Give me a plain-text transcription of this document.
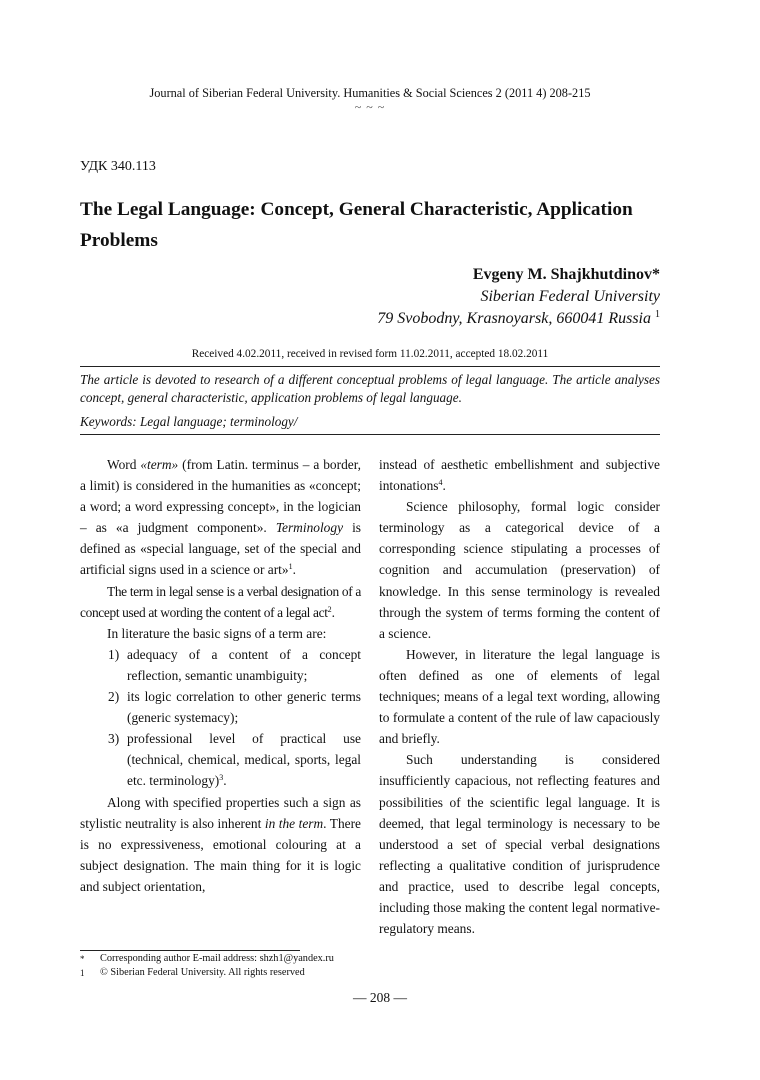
Journal of Siberian Federal University. Humanities & Social Sciences 2 (2011 4) 208-215
~ ~ ~
УДК 340.113
The Legal Language: Concept, General Characteristic, Application Problems
Evgeny M. Shajkhutdinov*
Siberian Federal University
79 Svobodny, Krasnoyarsk, 660041 Russia $^1$
Received 4.02.2011, received in revised form 11.02.2011, accepted 18.02.2011
The article is devoted to research of a different conceptual problems of legal language. The article analyses concept, general characteristic, application problems of legal language.
Keywords: Legal language; terminology/

Word «term» (from Latin. terminus – a border, a limit) is considered in the humanities as «concept; a word; a word expressing concept», in the logician – as «a judgment component». Terminology is defined as «special language, set of the special and artificial signs used in a science or art»$^1$.

The term in legal sense is a verbal designation of a concept used at wording the content of a legal act$^2$.

In literature the basic signs of a term are:

1) adequacy of a content of a concept reflection, semantic unambiguity;
2) its logic correlation to other generic terms (generic systemacy);
3) professional level of practical use (technical, chemical, medical, sports, legal etc. terminology)$^3$.

Along with specified properties such a sign as stylistic neutrality is also inherent in the term. There is no expressiveness, emotional colouring at a subject designation. The main thing for it is logic and subject orientation,

instead of aesthetic embellishment and subjective intonations$^4$.

Science philosophy, formal logic consider terminology as a categorical device of a corresponding science stipulating a processes of cognition and accumulation (preservation) of knowledge. In this sense terminology is revealed through the system of terms forming the content of a science.

However, in literature the legal language is often defined as one of elements of legal techniques; means of a legal text wording, allowing to formulate a content of the rule of law capaciously and briefly.

Such understanding is considered insufficiently capacious, not reflecting features and possibilities of the scientific legal language. It is deemed, that legal terminology is necessary to be understood a set of special verbal designations reflecting a qualitative condition of jurisprudence and practice, used to describe legal concepts, including those making the content legal normative-regulatory means.

* Corresponding author E-mail address: shzh1@yandex.ru
1 © Siberian Federal University. All rights reserved
— 208 —
